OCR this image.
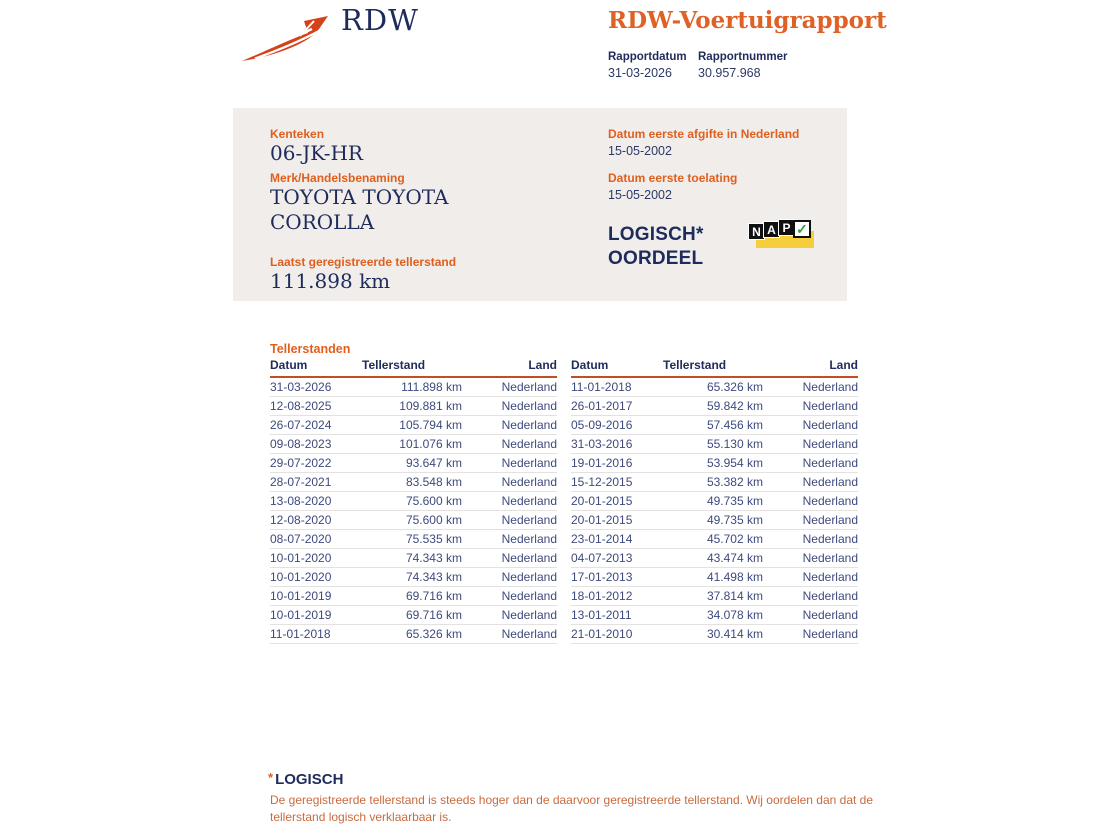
RDW	RDW-Voertuigrapport
Rapportdatum
31-03-2026
Rapportnummer
30.957.968
Kenteken
06-JK-HR
Merk/Handelsbenaming
TOYOTA TOYOTA COROLLA
Laatst geregistreerde tellerstand
111.898 km
Datum eerste afgifte in Nederland
15-05-2002
Datum eerste toelating
15-05-2002
LOGISCH* OORDEEL
N A P ✓
Tellerstanden
Datum	Tellerstand	Land
31-03-2026	111.898 km	Nederland
12-08-2025	109.881 km	Nederland
26-07-2024	105.794 km	Nederland
09-08-2023	101.076 km	Nederland
29-07-2022	93.647 km	Nederland
28-07-2021	83.548 km	Nederland
13-08-2020	75.600 km	Nederland
12-08-2020	75.600 km	Nederland
08-07-2020	75.535 km	Nederland
10-01-2020	74.343 km	Nederland
10-01-2020	74.343 km	Nederland
10-01-2019	69.716 km	Nederland
10-01-2019	69.716 km	Nederland
11-01-2018	65.326 km	Nederland
Datum	Tellerstand	Land
11-01-2018	65.326 km	Nederland
26-01-2017	59.842 km	Nederland
05-09-2016	57.456 km	Nederland
31-03-2016	55.130 km	Nederland
19-01-2016	53.954 km	Nederland
15-12-2015	53.382 km	Nederland
20-01-2015	49.735 km	Nederland
20-01-2015	49.735 km	Nederland
23-01-2014	45.702 km	Nederland
04-07-2013	43.474 km	Nederland
17-01-2013	41.498 km	Nederland
18-01-2012	37.814 km	Nederland
13-01-2011	34.078 km	Nederland
21-01-2010	30.414 km	Nederland
* LOGISCH
De geregistreerde tellerstand is steeds hoger dan de daarvoor geregistreerde tellerstand. Wij oordelen dan dat de tellerstand logisch verklaarbaar is.
